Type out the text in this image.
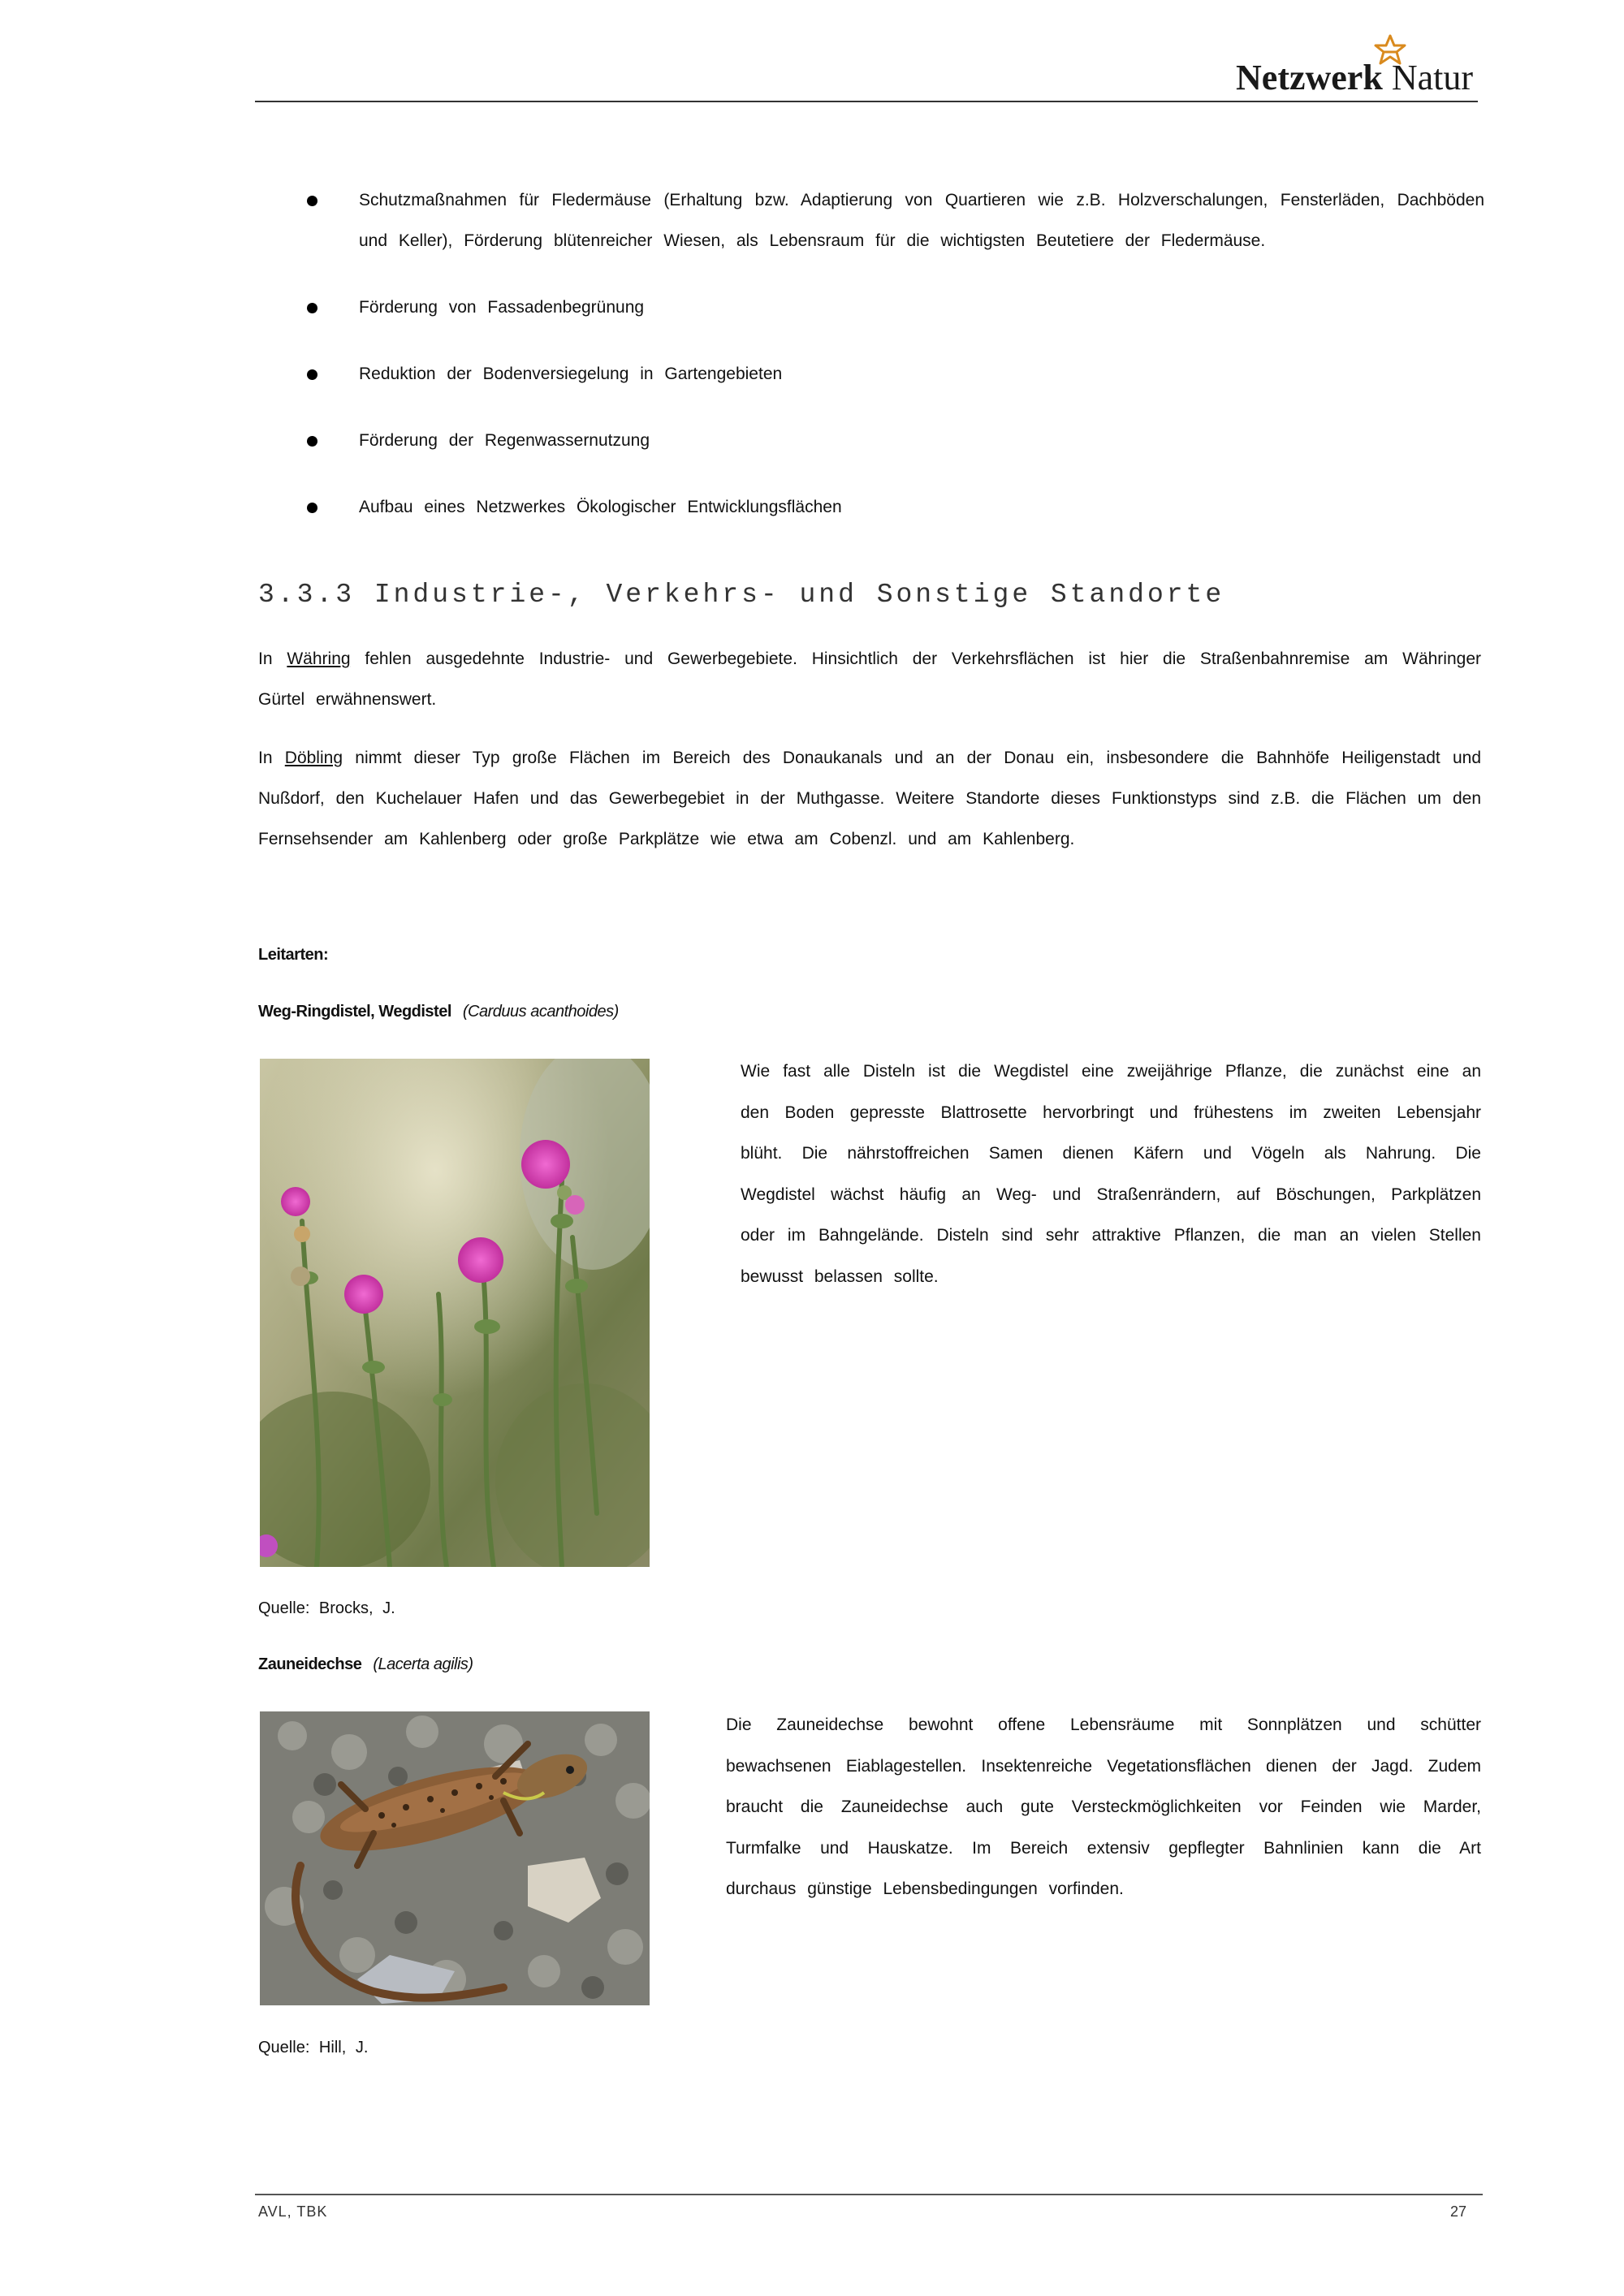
Netzwerk Natur
Schutzmaßnahmen für Fledermäuse (Erhaltung bzw. Adaptierung von Quartieren wie z.B. Holzverschalungen, Fensterläden, Dachböden und Keller), Förderung blütenreicher Wiesen, als Lebensraum für die wichtigsten Beutetiere der Fledermäuse.
Förderung von Fassadenbegrünung
Reduktion der Bodenversiegelung in Gartengebieten
Förderung der Regenwassernutzung
Aufbau eines Netzwerkes Ökologischer Entwicklungsflächen
3.3.3 Industrie-, Verkehrs- und Sonstige Standorte

In Währing fehlen ausgedehnte Industrie- und Gewerbegebiete. Hinsichtlich der Verkehrsflächen ist hier die Straßenbahnremise am Währinger Gürtel erwähnenswert.

In Döbling nimmt dieser Typ große Flächen im Bereich des Donaukanals und an der Donau ein, insbesondere die Bahnhöfe Heiligenstadt und Nußdorf, den Kuchelauer Hafen und das Gewerbegebiet in der Muthgasse. Weitere Standorte dieses Funktionstyps sind z.B. die Flächen um den Fernsehsender am Kahlenberg oder große Parkplätze wie etwa am Cobenzl. und am Kahlenberg.

Leitarten:
Weg-Ringdistel, Wegdistel (Carduus acanthoides)

Wie fast alle Disteln ist die Wegdistel eine zweijährige Pflanze, die zunächst eine an den Boden gepresste Blattrosette hervorbringt und frühestens im zweiten Lebensjahr blüht. Die nährstoffreichen Samen dienen Käfern und Vögeln als Nahrung. Die Wegdistel wächst häufig an Weg- und Straßenrändern, auf Böschungen, Parkplätzen oder im Bahngelände. Disteln sind sehr attraktive Pflanzen, die man an vielen Stellen bewusst belassen sollte.

Quelle: Brocks, J.
Zauneidechse (Lacerta agilis)

Die Zauneidechse bewohnt offene Lebensräume mit Sonnplätzen und schütter bewachsenen Eiablagestellen. Insektenreiche Vegetationsflächen dienen der Jagd. Zudem braucht die Zauneidechse auch gute Versteckmöglichkeiten vor Feinden wie Marder, Turmfalke und Hauskatze. Im Bereich extensiv gepflegter Bahnlinien kann die Art durchaus günstige Lebensbedingungen vorfinden.

Quelle: Hill, J.
AVL, TBK	27
